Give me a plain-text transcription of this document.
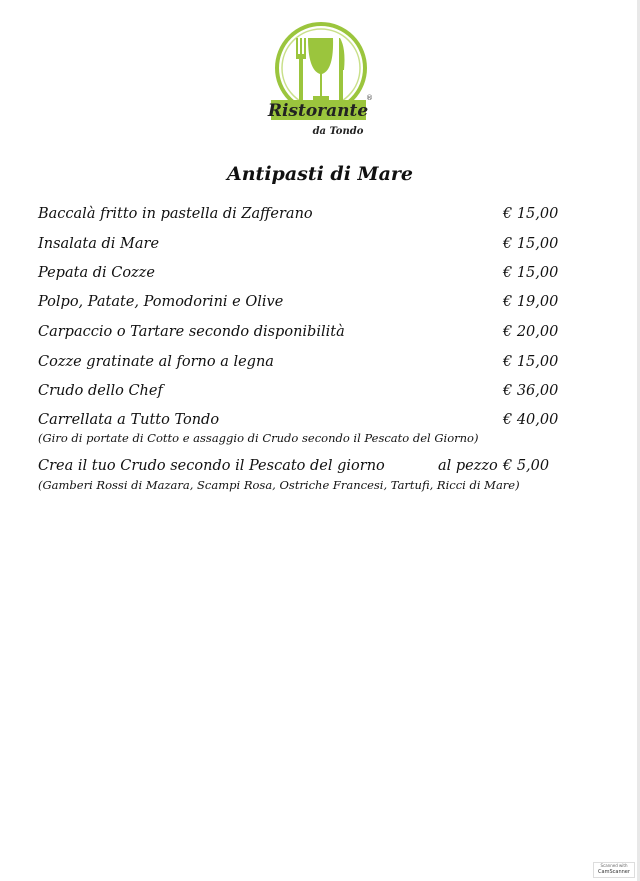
Ristorante
®
da Tondo
Antipasti di Mare
Baccalà fritto in pastella di Zafferano	€ 15,00
Insalata di Mare	€ 15,00
Pepata di Cozze	€ 15,00
Polpo, Patate, Pomodorini e Olive	€ 19,00
Carpaccio o Tartare secondo disponibilità	€ 20,00
Cozze gratinate al forno a legna	€ 15,00
Crudo dello Chef	€ 36,00
Carrellata a Tutto Tondo	€ 40,00
(Giro di portate di Cotto e assaggio di Crudo secondo il Pescato del Giorno)
Crea il tuo Crudo secondo il Pescato del giorno	al pezzo € 5,00
(Gamberi Rossi di Mazara, Scampi Rosa, Ostriche Francesi, Tartufi, Ricci di Mare)
Scanned with
CamScanner
